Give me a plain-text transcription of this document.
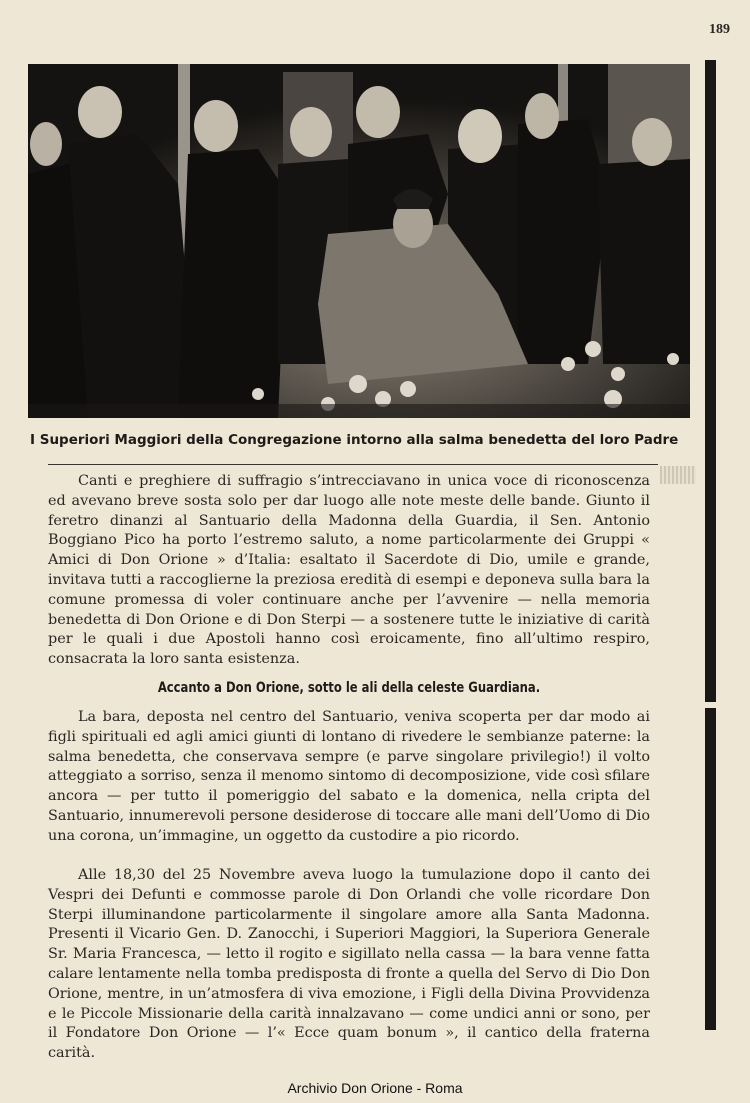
189
I Superiori Maggiori della Congregazione intorno alla salma benedetta del loro Padre

Canti e preghiere di suffragio s’intrecciavano in unica voce di riconoscenza ed avevano breve sosta solo per dar luogo alle note meste delle bande. Giunto il feretro dinanzi al Santuario della Madonna della Guardia, il Sen. Antonio Boggiano Pico ha porto l’estremo saluto, a nome particolarmente dei Gruppi « Amici di Don Orione » d’Italia: esaltato il Sacerdote di Dio, umile e grande, invitava tutti a raccoglierne la preziosa eredità di esempi e deponeva sulla bara la comune promessa di voler continuare anche per l’avvenire — nella memoria benedetta di Don Orione e di Don Sterpi — a sostenere tutte le iniziative di carità per le quali i due Apostoli hanno così eroicamente, fino all’ultimo respiro, consacrata la loro santa esistenza.

Accanto a Don Orione, sotto le ali della celeste Guardiana.

La bara, deposta nel centro del Santuario, veniva scoperta per dar modo ai figli spirituali ed agli amici giunti di lontano di rivedere le sembianze paterne: la salma benedetta, che conservava sempre (e parve singolare privilegio!) il volto atteggiato a sorriso, senza il menomo sintomo di decomposizione, vide così sfilare ancora — per tutto il pomeriggio del sabato e la domenica, nella cripta del Santuario, innumerevoli persone desiderose di toccare alle mani dell’Uomo di Dio una corona, un’immagine, un oggetto da custodire a pio ricordo.

Alle 18,30 del 25 Novembre aveva luogo la tumulazione dopo il canto dei Vespri dei Defunti e commosse parole di Don Orlandi che volle ricordare Don Sterpi illuminandone particolarmente il singolare amore alla Santa Madonna. Presenti il Vicario Gen. D. Zanocchi, i Superiori Maggiori, la Superiora Generale Sr. Maria Francesca, — letto il rogito e sigillato nella cassa — la bara venne fatta calare lentamente nella tomba predisposta di fronte a quella del Servo di Dio Don Orione, mentre, in un’atmosfera di viva emozione, i Figli della Divina Provvidenza e le Piccole Missionarie della carità innalzavano — come undici anni or sono, per il Fondatore Don Orione — l’« Ecce quam bonum », il cantico della fraterna carità.

Archivio Don Orione - Roma
